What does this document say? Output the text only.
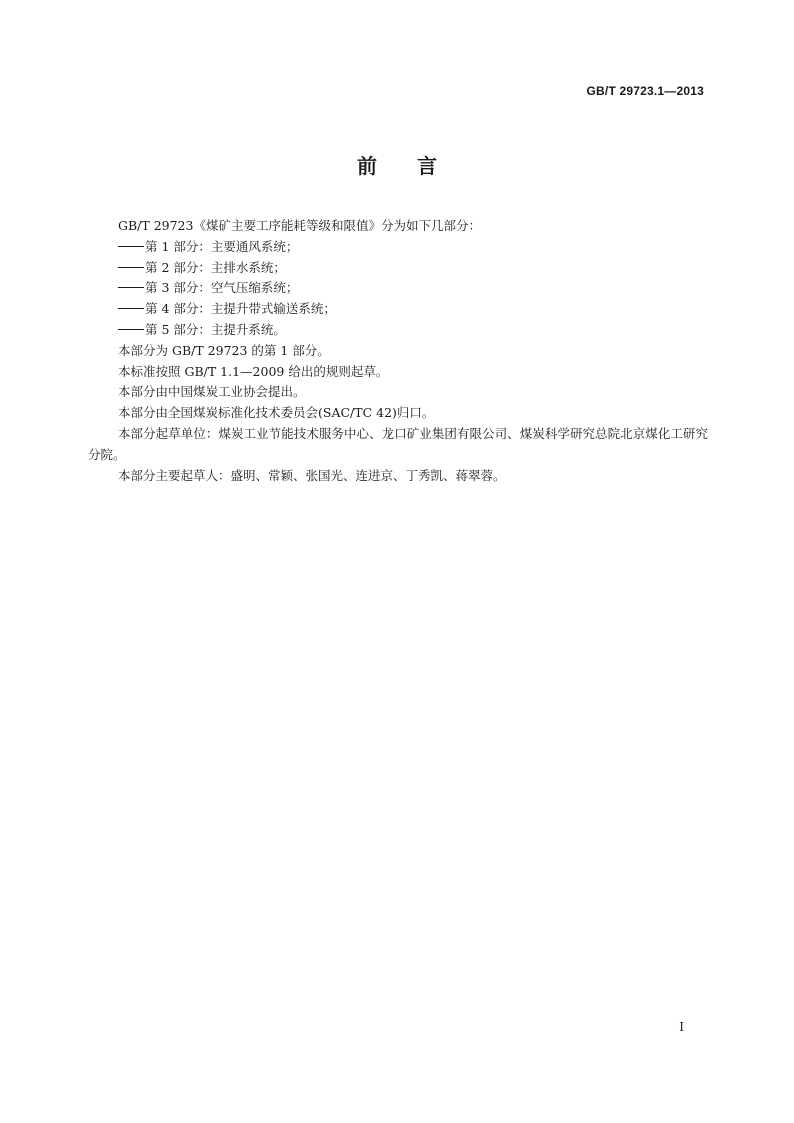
GB/T 29723.1—2013
前 言

GB/T 29723《煤矿主要工序能耗等级和限值》分为如下几部分：

第 1 部分：主要通风系统；

第 2 部分：主排水系统；

第 3 部分：空气压缩系统；

第 4 部分：主提升带式输送系统；

第 5 部分：主提升系统。

本部分为 GB/T 29723 的第 1 部分。

本标准按照 GB/T 1.1—2009 给出的规则起草。

本部分由中国煤炭工业协会提出。

本部分由全国煤炭标准化技术委员会(SAC/TC 42)归口。

本部分起草单位：煤炭工业节能技术服务中心、龙口矿业集团有限公司、煤炭科学研究总院北京煤化工研究分院。

本部分主要起草人：盛明、常颖、张国光、连进京、丁秀凯、蒋翠蓉。

I
